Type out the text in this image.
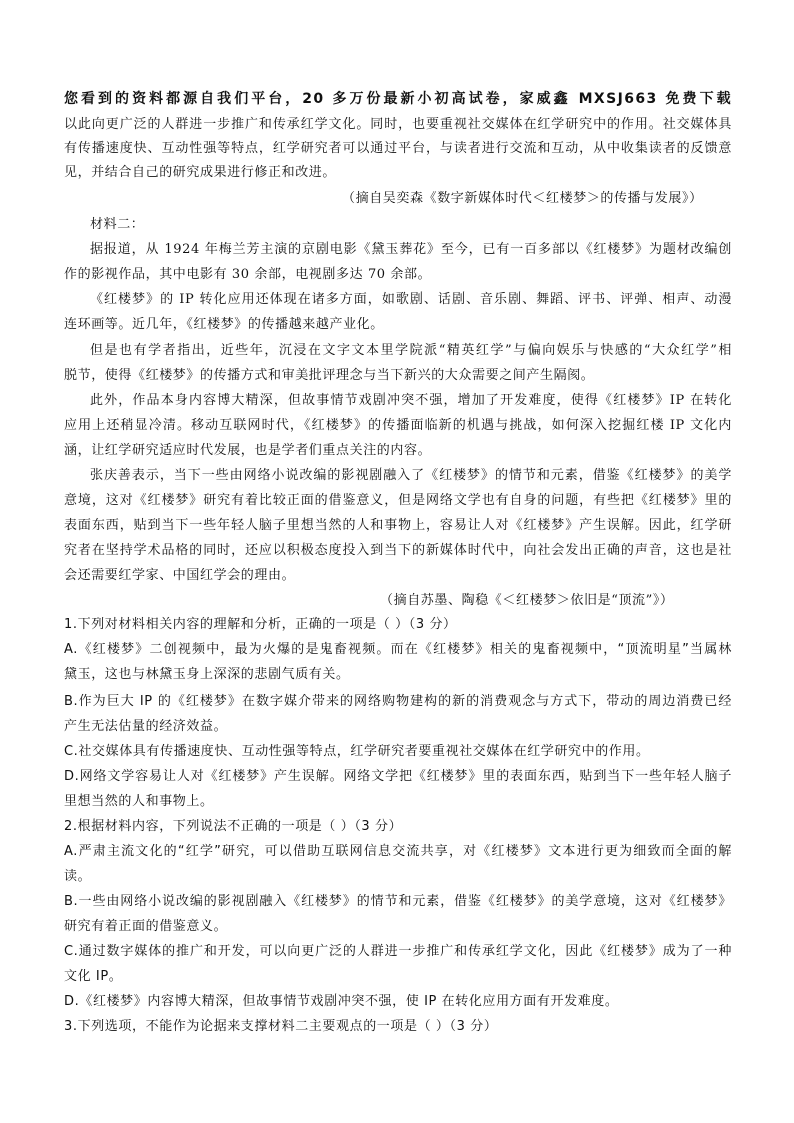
您看到的资料都源自我们平台，20 多万份最新小初高试卷，家威鑫 MXSJ663 免费下载
以此向更广泛的人群进一步推广和传承红学文化。同时，也要重视社交媒体在红学研究中的作用。社交媒体具
有传播速度快、互动性强等特点，红学研究者可以通过平台，与读者进行交流和互动，从中收集读者的反馈意
见，并结合自己的研究成果进行修正和改进。
（摘自吴奕森《数字新媒体时代＜红楼梦＞的传播与发展》）
材料二：
据报道，从 1924 年梅兰芳主演的京剧电影《黛玉葬花》至今，已有一百多部以《红楼梦》为题材改编创
作的影视作品，其中电影有 30 余部，电视剧多达 70 余部。
《红楼梦》的 IP 转化应用还体现在诸多方面，如歌剧、话剧、音乐剧、舞蹈、评书、评弹、相声、动漫
连环画等。近几年，《红楼梦》的传播越来越产业化。
但是也有学者指出，近些年，沉浸在文字文本里学院派“精英红学”与偏向娱乐与快感的“大众红学”相
脱节，使得《红楼梦》的传播方式和审美批评理念与当下新兴的大众需要之间产生隔阂。
此外，作品本身内容博大精深，但故事情节戏剧冲突不强，增加了开发难度，使得《红楼梦》IP 在转化
应用上还稍显冷清。移动互联网时代，《红楼梦》的传播面临新的机遇与挑战，如何深入挖掘红楼 IP 文化内
涵，让红学研究适应时代发展，也是学者们重点关注的内容。
张庆善表示，当下一些由网络小说改编的影视剧融入了《红楼梦》的情节和元素，借鉴《红楼梦》的美学
意境，这对《红楼梦》研究有着比较正面的借鉴意义，但是网络文学也有自身的问题，有些把《红楼梦》里的
表面东西，贴到当下一些年轻人脑子里想当然的人和事物上，容易让人对《红楼梦》产生误解。因此，红学研
究者在坚持学术品格的同时，还应以积极态度投入到当下的新媒体时代中，向社会发出正确的声音，这也是社
会还需要红学家、中国红学会的理由。
（摘自苏墨、陶稳《＜红楼梦＞依旧是“顶流”》）
1.下列对材料相关内容的理解和分析，正确的一项是（ ）（3 分）
A.《红楼梦》二创视频中，最为火爆的是鬼畜视频。而在《红楼梦》相关的鬼畜视频中，“顶流明星”当属林
黛玉，这也与林黛玉身上深深的悲剧气质有关。
B.作为巨大 IP 的《红楼梦》在数字媒介带来的网络购物建构的新的消费观念与方式下，带动的周边消费已经
产生无法估量的经济效益。
C.社交媒体具有传播速度快、互动性强等特点，红学研究者要重视社交媒体在红学研究中的作用。
D.网络文学容易让人对《红楼梦》产生误解。网络文学把《红楼梦》里的表面东西，贴到当下一些年轻人脑子
里想当然的人和事物上。
2.根据材料内容，下列说法不正确的一项是（ ）（3 分）
A.严肃主流文化的“红学”研究，可以借助互联网信息交流共享，对《红楼梦》文本进行更为细致而全面的解
读。
B.一些由网络小说改编的影视剧融入《红楼梦》的情节和元素，借鉴《红楼梦》的美学意境，这对《红楼梦》
研究有着正面的借鉴意义。
C.通过数字媒体的推广和开发，可以向更广泛的人群进一步推广和传承红学文化，因此《红楼梦》成为了一种
文化 IP。
D.《红楼梦》内容博大精深，但故事情节戏剧冲突不强，使 IP 在转化应用方面有开发难度。
3.下列选项，不能作为论据来支撑材料二主要观点的一项是（ ）（3 分）
